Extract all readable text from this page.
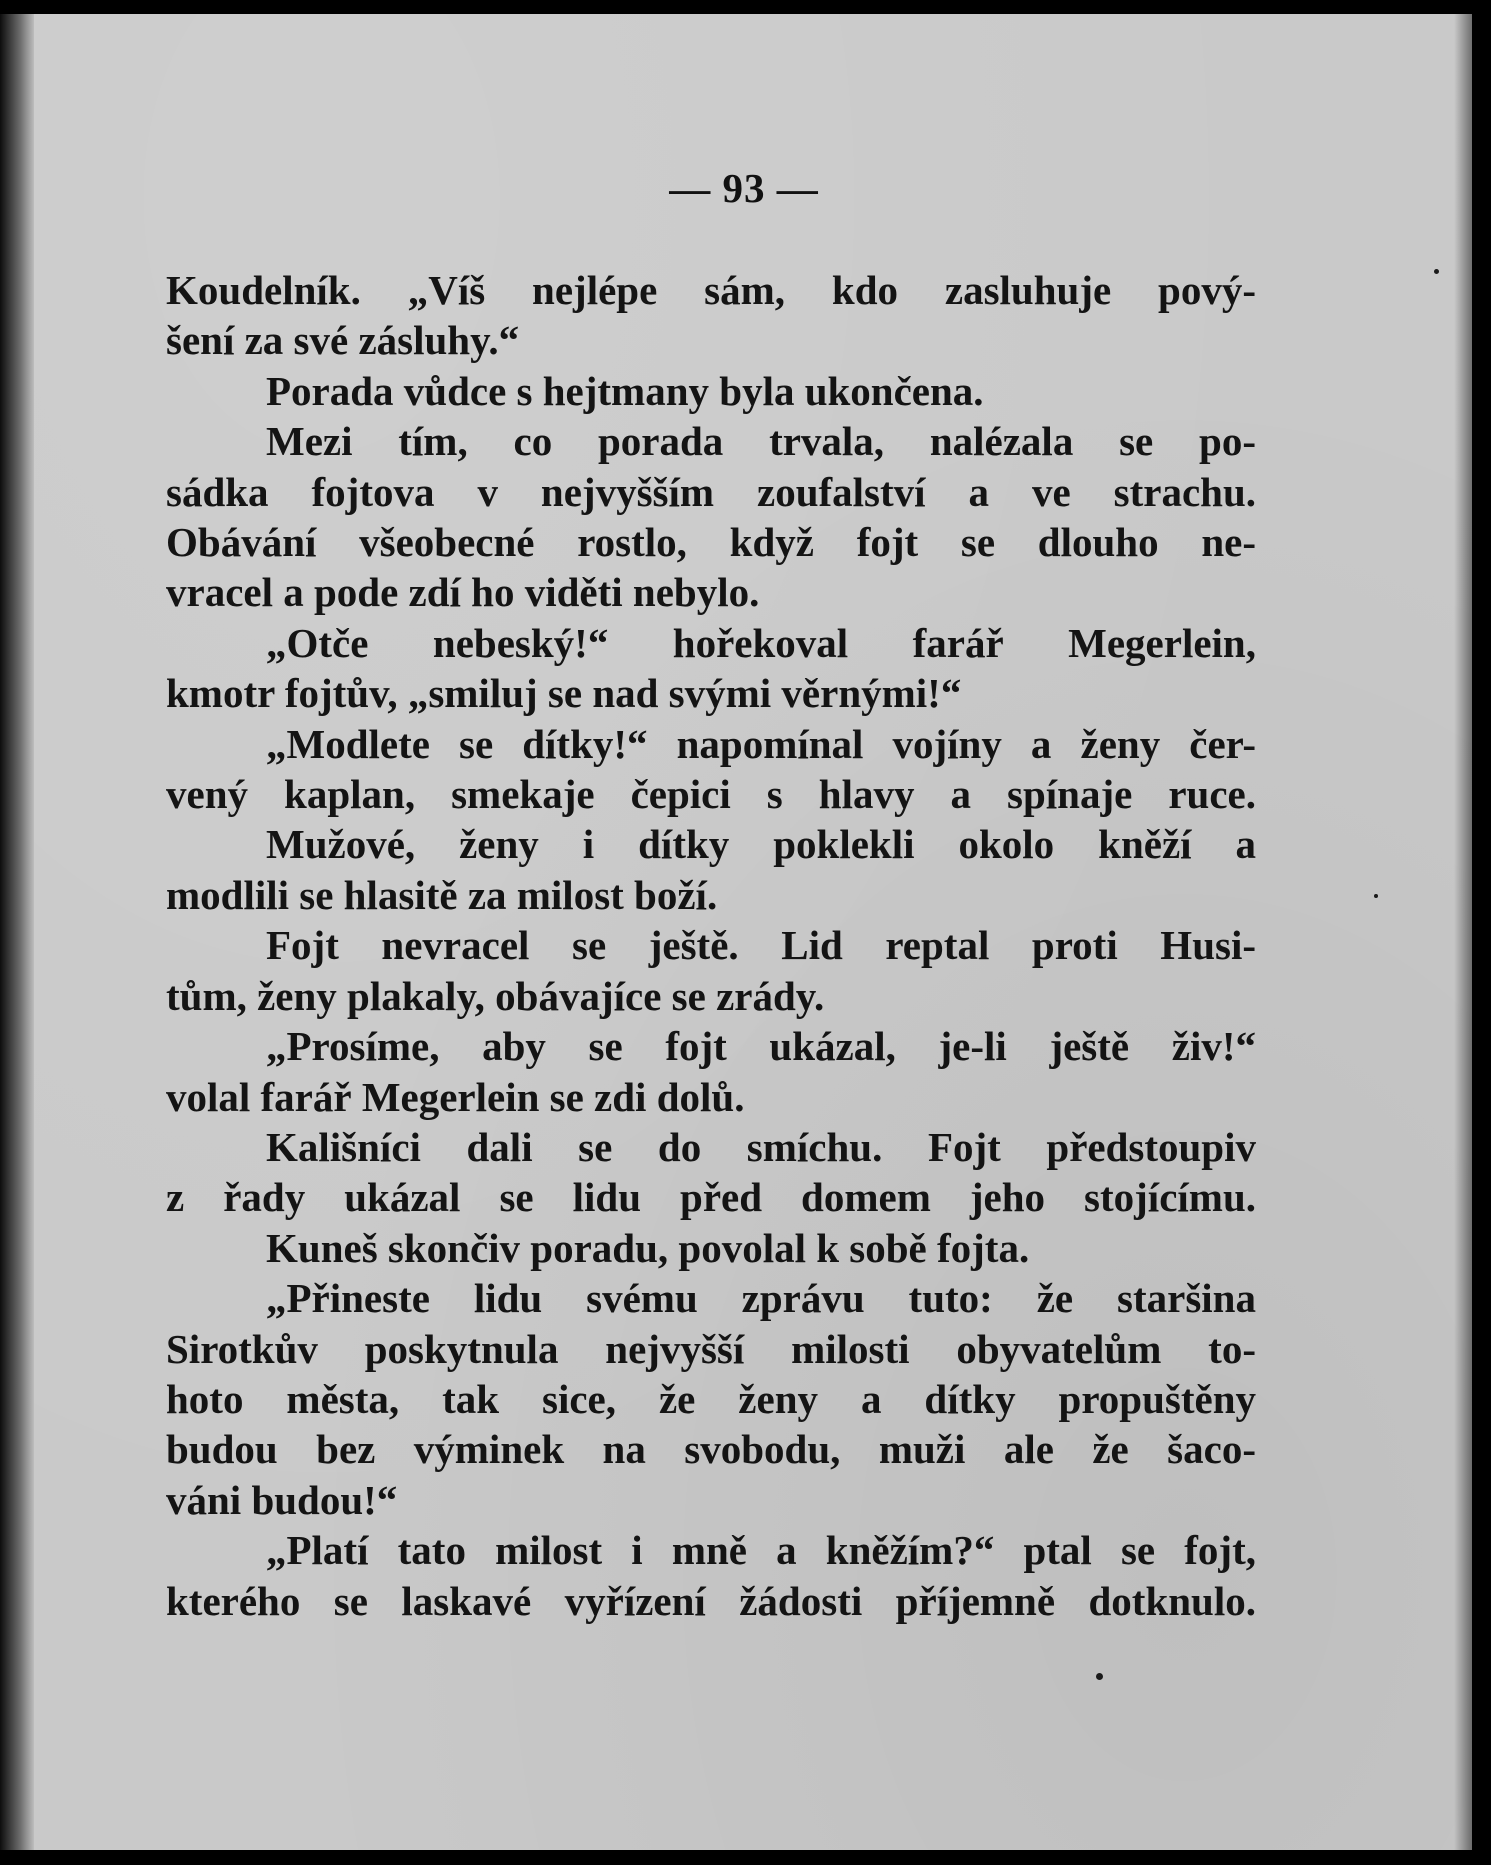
— 93 —
Koudelník. „Víš nejlépe sám, kdo zasluhuje pový-
šení za své zásluhy.“
Porada vůdce s hejtmany byla ukončena.
Mezi tím, co porada trvala, nalézala se po-
sádka fojtova v nejvyšším zoufalství a ve strachu.
Obávání všeobecné rostlo, když fojt se dlouho ne-
vracel a pode zdí ho viděti nebylo.
„Otče nebeský!“ hořekoval farář Megerlein,
kmotr fojtův, „smiluj se nad svými věrnými!“
„Modlete se dítky!“ napomínal vojíny a ženy čer-
vený kaplan, smekaje čepici s hlavy a spínaje ruce.
Mužové, ženy i dítky poklekli okolo kněží a
modlili se hlasitě za milost boží.
Fojt nevracel se ještě. Lid reptal proti Husi-
tům, ženy plakaly, obávajíce se zrády.
„Prosíme, aby se fojt ukázal, je-li ještě živ!“
volal farář Megerlein se zdi dolů.
Kališníci dali se do smíchu. Fojt předstoupiv
z řady ukázal se lidu před domem jeho stojícímu.
Kuneš skončiv poradu, povolal k sobě fojta.
„Přineste lidu svému zprávu tuto: že staršina
Sirotkův poskytnula nejvyšší milosti obyvatelům to-
hoto města, tak sice, že ženy a dítky propuštěny
budou bez výminek na svobodu, muži ale že šaco-
váni budou!“
„Platí tato milost i mně a kněžím?“ ptal se fojt,
kterého se laskavé vyřízení žádosti příjemně dotknulo.
